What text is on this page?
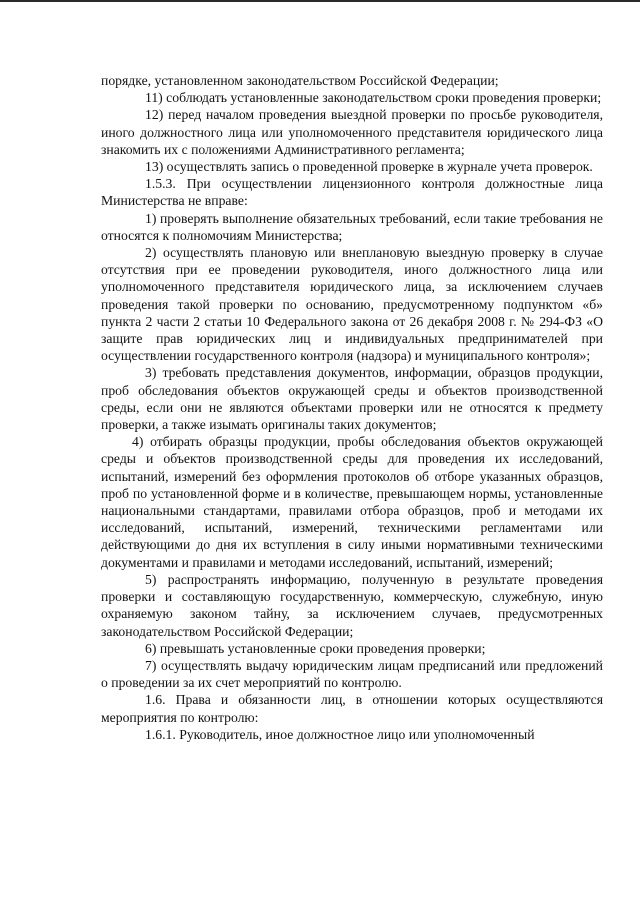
порядке, установленном законодательством Российской Федерации;

11) соблюдать установленные законодательством сроки проведения проверки;

12) перед началом проведения выездной проверки по просьбе руководителя, иного должностного лица или уполномоченного представителя юридического лица знакомить их с положениями Административного регламента;

13) осуществлять запись о проведенной проверке в журнале учета проверок.

1.5.3. При осуществлении лицензионного контроля должностные лица Министерства не вправе:

1) проверять выполнение обязательных требований, если такие требования не относятся к полномочиям Министерства;

2) осуществлять плановую или внеплановую выездную проверку в случае отсутствия при ее проведении руководителя, иного должностного лица или уполномоченного представителя юридического лица, за исключением случаев проведения такой проверки по основанию, предусмотренному подпунктом «б» пункта 2 части 2 статьи 10 Федерального закона от 26 декабря 2008 г. № 294-ФЗ «О защите прав юридических лиц и индивидуальных предпринимателей при осуществлении государственного контроля (надзора) и муниципального контроля»;

3) требовать представления документов, информации, образцов продукции, проб обследования объектов окружающей среды и объектов производственной среды, если они не являются объектами проверки или не относятся к предмету проверки, а также изымать оригиналы таких документов;

4) отбирать образцы продукции, пробы обследования объектов окружающей среды и объектов производственной среды для проведения их исследований, испытаний, измерений без оформления протоколов об отборе указанных образцов, проб по установленной форме и в количестве, превышающем нормы, установленные национальными стандартами, правилами отбора образцов, проб и методами их исследований, испытаний, измерений, техническими регламентами или действующими до дня их вступления в силу иными нормативными техническими документами и правилами и методами исследований, испытаний, измерений;

5) распространять информацию, полученную в результате проведения проверки и составляющую государственную, коммерческую, служебную, иную охраняемую законом тайну, за исключением случаев, предусмотренных законодательством Российской Федерации;

6) превышать установленные сроки проведения проверки;

7) осуществлять выдачу юридическим лицам предписаний или предложений о проведении за их счет мероприятий по контролю.

1.6. Права и обязанности лиц, в отношении которых осуществляются мероприятия по контролю:

1.6.1. Руководитель, иное должностное лицо или уполномоченный
